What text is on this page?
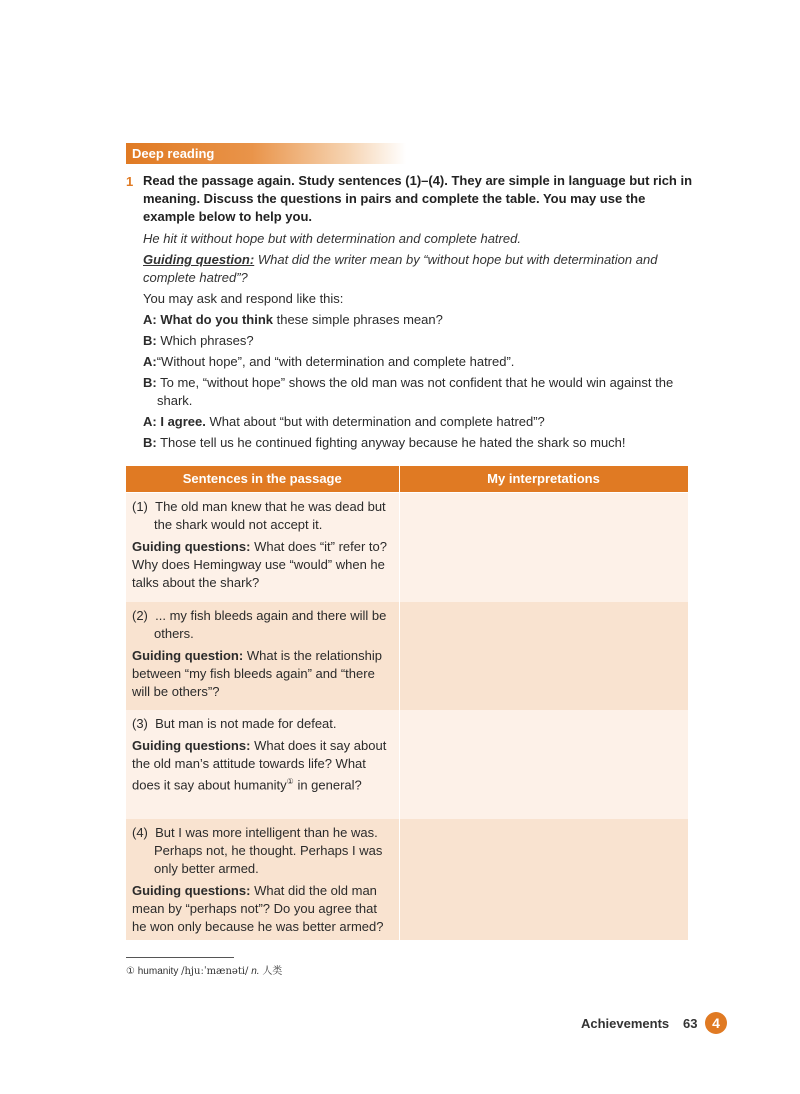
Deep reading
1 Read the passage again. Study sentences (1)–(4). They are simple in language but rich in meaning. Discuss the questions in pairs and complete the table. You may use the example below to help you.
He hit it without hope but with determination and complete hatred.
Guiding question: What did the writer mean by “without hope but with determination and complete hatred”?
You may ask and respond like this:
A: What do you think these simple phrases mean?
B: Which phrases?
A:“Without hope”, and “with determination and complete hatred”.
B: To me, “without hope” shows the old man was not confident that he would win against the shark.
A: I agree. What about “but with determination and complete hatred”?
B: Those tell us he continued fighting anyway because he hated the shark so much!
Sentences in the passage	My interpretations

(1) The old man knew that he was dead but the shark would not accept it.
Guiding questions: What does “it” refer to? Why does Hemingway use “would” when he talks about the shark?	

(2) ... my fish bleeds again and there will be others.
Guiding question: What is the relationship between “my fish bleeds again” and “there will be others”?	

(3) But man is not made for defeat.
Guiding questions: What does it say about the old man’s attitude towards life? What does it say about humanity① in general?	

(4) But I was more intelligent than he was. Perhaps not, he thought. Perhaps I was only better armed.
Guiding questions: What did the old man mean by “perhaps not”? Do you agree that he won only because he was better armed?	

① humanity /hjuːˈmænəti/ n. 人类
Achievements 63	4
